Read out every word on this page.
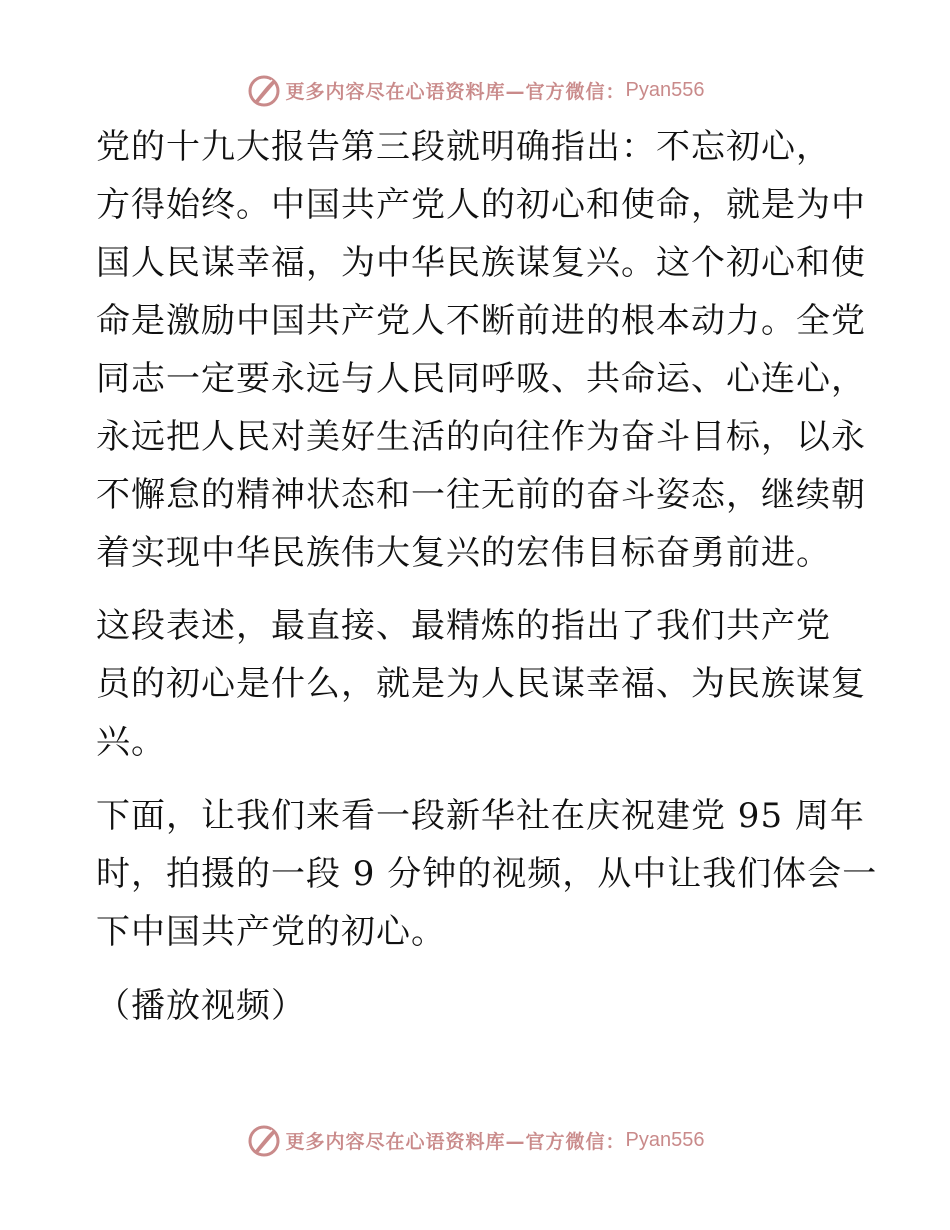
更多内容尽在心语资料库—官方微信： Pyan556

党的十九大报告第三段就明确指出：不忘初心，
方得始终。中国共产党人的初心和使命，就是为中
国人民谋幸福，为中华民族谋复兴。这个初心和使
命是激励中国共产党人不断前进的根本动力。全党
同志一定要永远与人民同呼吸、共命运、心连心，
永远把人民对美好生活的向往作为奋斗目标，以永
不懈怠的精神状态和一往无前的奋斗姿态，继续朝
着实现中华民族伟大复兴的宏伟目标奋勇前进。

这段表述，最直接、最精炼的指出了我们共产党
员的初心是什么，就是为人民谋幸福、为民族谋复
兴。

下面，让我们来看一段新华社在庆祝建党 95 周年
时，拍摄的一段 9 分钟的视频，从中让我们体会一
下中国共产党的初心。

（播放视频）

更多内容尽在心语资料库—官方微信： Pyan556
